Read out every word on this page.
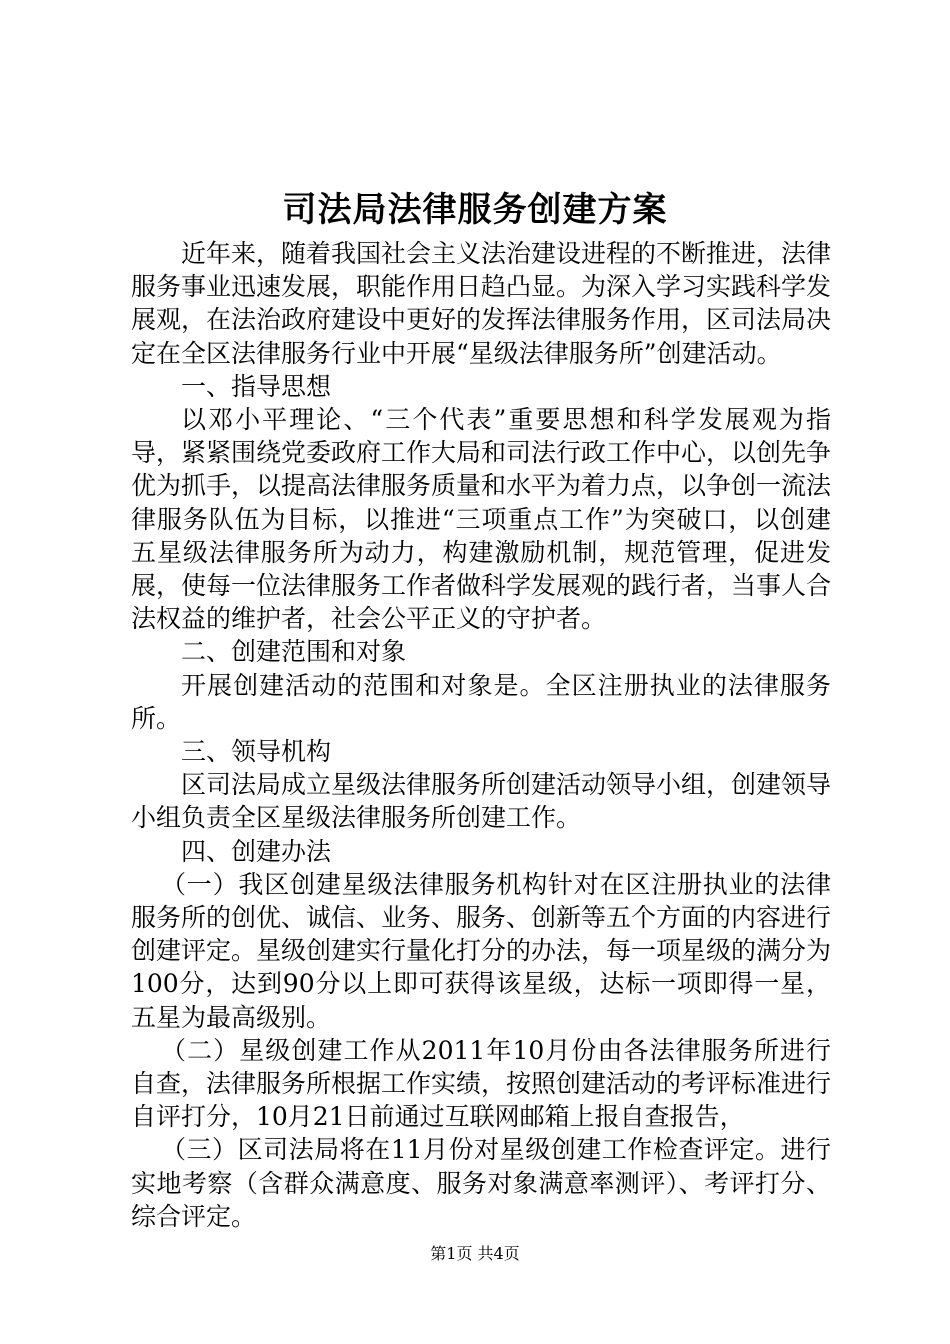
司法局法律服务创建方案

近年来，随着我国社会主义法治建设进程的不断推进，法律服务事业迅速发展，职能作用日趋凸显。为深入学习实践科学发展观，在法治政府建设中更好的发挥法律服务作用，区司法局决定在全区法律服务行业中开展“星级法律服务所”创建活动。

一、指导思想

以邓小平理论、“三个代表”重要思想和科学发展观为指导，紧紧围绕党委政府工作大局和司法行政工作中心，以创先争优为抓手，以提高法律服务质量和水平为着力点，以争创一流法律服务队伍为目标，以推进“三项重点工作”为突破口，以创建五星级法律服务所为动力，构建激励机制，规范管理，促进发展，使每一位法律服务工作者做科学发展观的践行者，当事人合法权益的维护者，社会公平正义的守护者。

二、创建范围和对象

开展创建活动的范围和对象是。全区注册执业的法律服务所。

三、领导机构

区司法局成立星级法律服务所创建活动领导小组，创建领导小组负责全区星级法律服务所创建工作。

四、创建办法

（一）我区创建星级法律服务机构针对在区注册执业的法律服务所的创优、诚信、业务、服务、创新等五个方面的内容进行创建评定。星级创建实行量化打分的办法，每一项星级的满分为100分，达到90分以上即可获得该星级，达标一项即得一星，五星为最高级别。

（二）星级创建工作从2011年10月份由各法律服务所进行自查，法律服务所根据工作实绩，按照创建活动的考评标准进行自评打分，10月21日前通过互联网邮箱上报自查报告，

（三）区司法局将在11月份对星级创建工作检查评定。进行实地考察（含群众满意度、服务对象满意率测评）、考评打分、综合评定。

第1页 共4页
